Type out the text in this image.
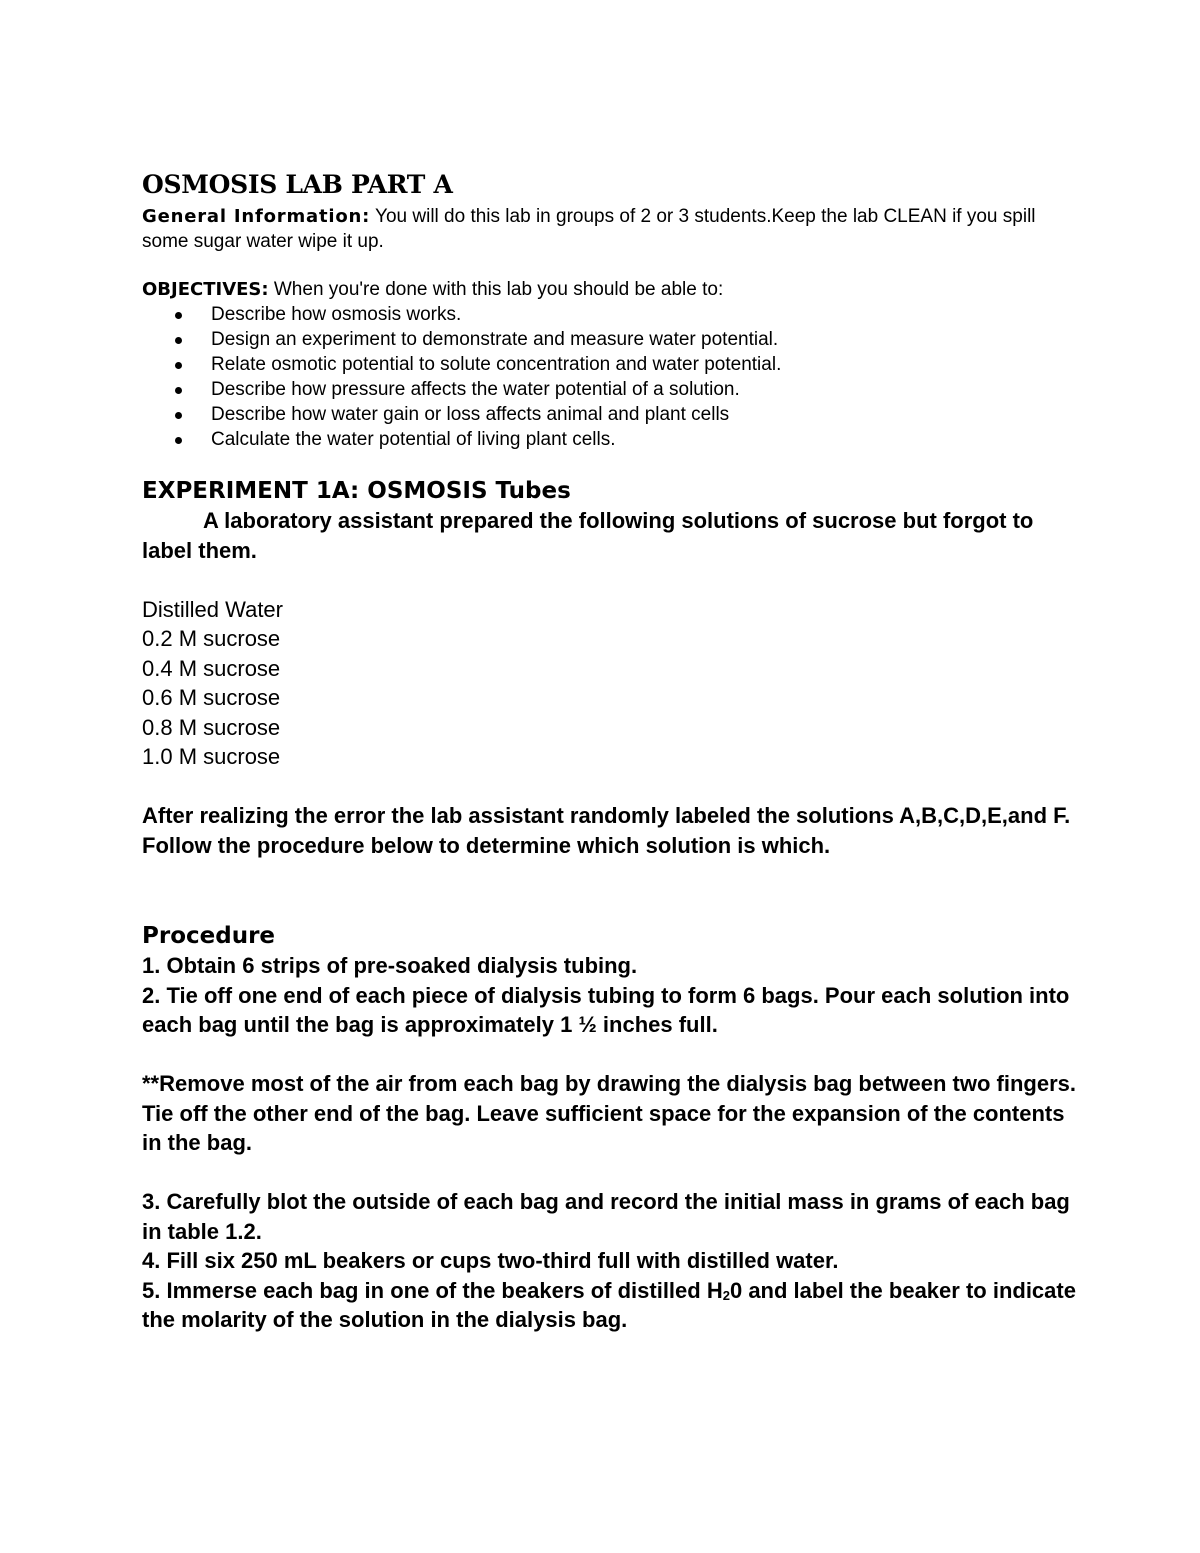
OSMOSIS LAB PART A
General Information: You will do this lab in groups of 2 or 3 students.Keep the lab CLEAN if you spill some sugar water wipe it up.
OBJECTIVES: When you're done with this lab you should be able to:
Describe how osmosis works.
Design an experiment to demonstrate and measure water potential.
Relate osmotic potential to solute concentration and water potential.
Describe how pressure affects the water potential of a solution.
Describe how water gain or loss affects animal and plant cells
Calculate the water potential of living plant cells.
EXPERIMENT 1A: OSMOSIS Tubes
A laboratory assistant prepared the following solutions of sucrose but forgot to label them.
Distilled Water
0.2 M sucrose
0.4 M sucrose
0.6 M sucrose
0.8 M sucrose
1.0 M sucrose
After realizing the error the lab assistant randomly labeled the solutions A,B,C,D,E,and F. Follow the procedure below to determine which solution is which.
Procedure
1. Obtain 6 strips of pre-soaked dialysis tubing.
2. Tie off one end of each piece of dialysis tubing to form 6 bags. Pour each solution into each bag until the bag is approximately 1 ½ inches full.
**Remove most of the air from each bag by drawing the dialysis bag between two fingers. Tie off the other end of the bag. Leave sufficient space for the expansion of the contents in the bag.
3. Carefully blot the outside of each bag and record the initial mass in grams of each bag in table 1.2.
4. Fill six 250 mL beakers or cups two-third full with distilled water.
5. Immerse each bag in one of the beakers of distilled $H_20$ and label the beaker to indicate the molarity of the solution in the dialysis bag.
